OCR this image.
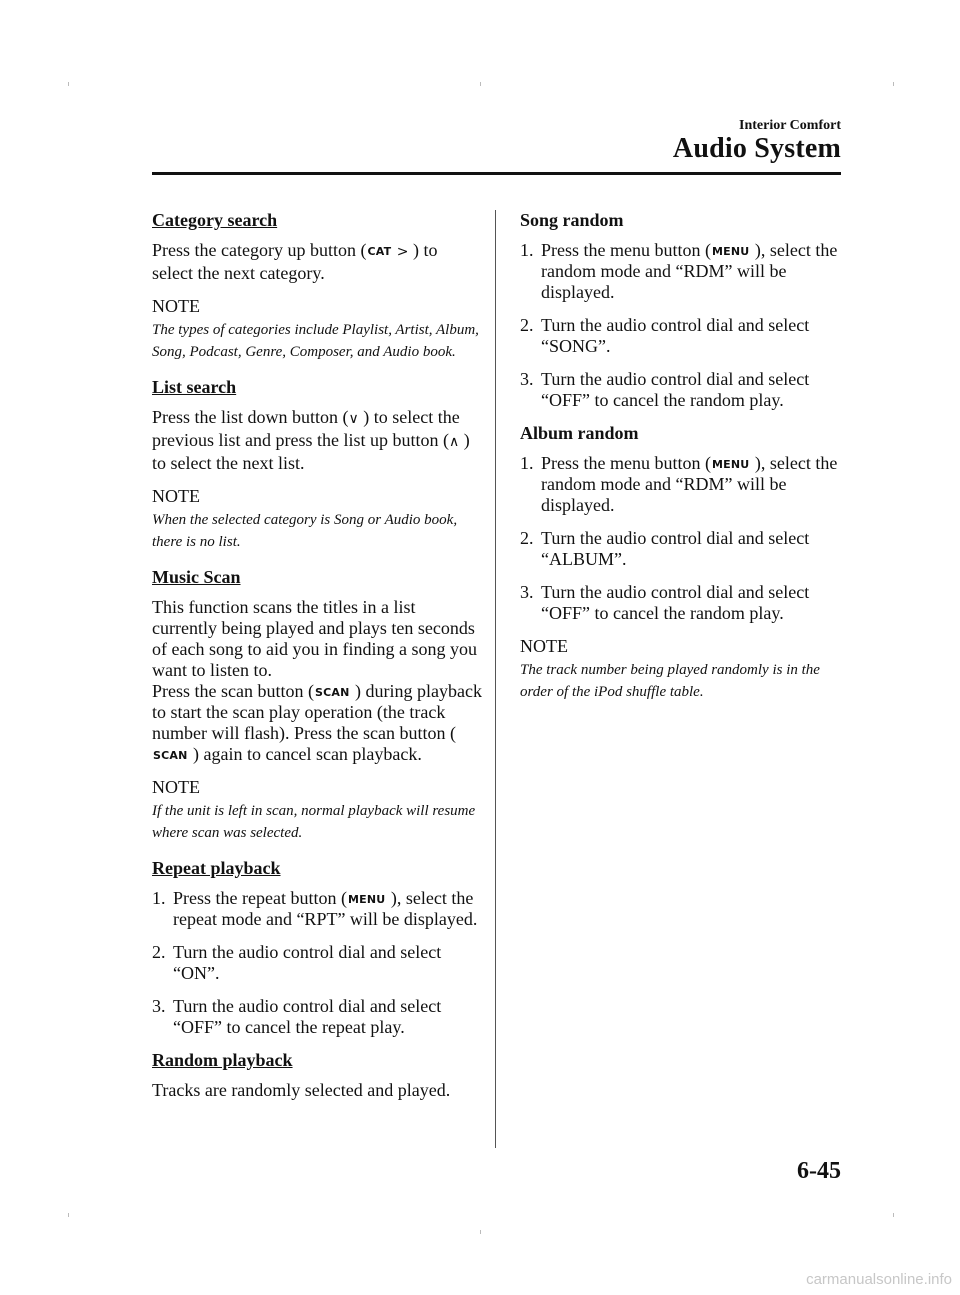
Interior Comfort
Audio System
Category search
Press the category up button (CAT > ) to select the next category.
NOTE
The types of categories include Playlist, Artist, Album, Song, Podcast, Genre, Composer, and Audio book.
List search
Press the list down button (∨ ) to select the previous list and press the list up button (∧ ) to select the next list.
NOTE
When the selected category is Song or Audio book, there is no list.
Music Scan
This function scans the titles in a list currently being played and plays ten seconds of each song to aid you in finding a song you want to listen to.
Press the scan button (SCAN ) during playback to start the scan play operation (the track number will flash). Press the scan button (SCAN ) again to cancel scan playback.
NOTE
If the unit is left in scan, normal playback will resume where scan was selected.
Repeat playback
1. Press the repeat button (MENU ), select the repeat mode and “RPT” will be displayed.
2. Turn the audio control dial and select “ON”.
3. Turn the audio control dial and select “OFF” to cancel the repeat play.
Random playback
Tracks are randomly selected and played.
Song random
1. Press the menu button (MENU ), select the random mode and “RDM” will be displayed.
2. Turn the audio control dial and select “SONG”.
3. Turn the audio control dial and select “OFF” to cancel the random play.
Album random
1. Press the menu button (MENU ), select the random mode and “RDM” will be displayed.
2. Turn the audio control dial and select “ALBUM”.
3. Turn the audio control dial and select “OFF” to cancel the random play.
NOTE
The track number being played randomly is in the order of the iPod shuffle table.
6-45
carmanualsonline.info
